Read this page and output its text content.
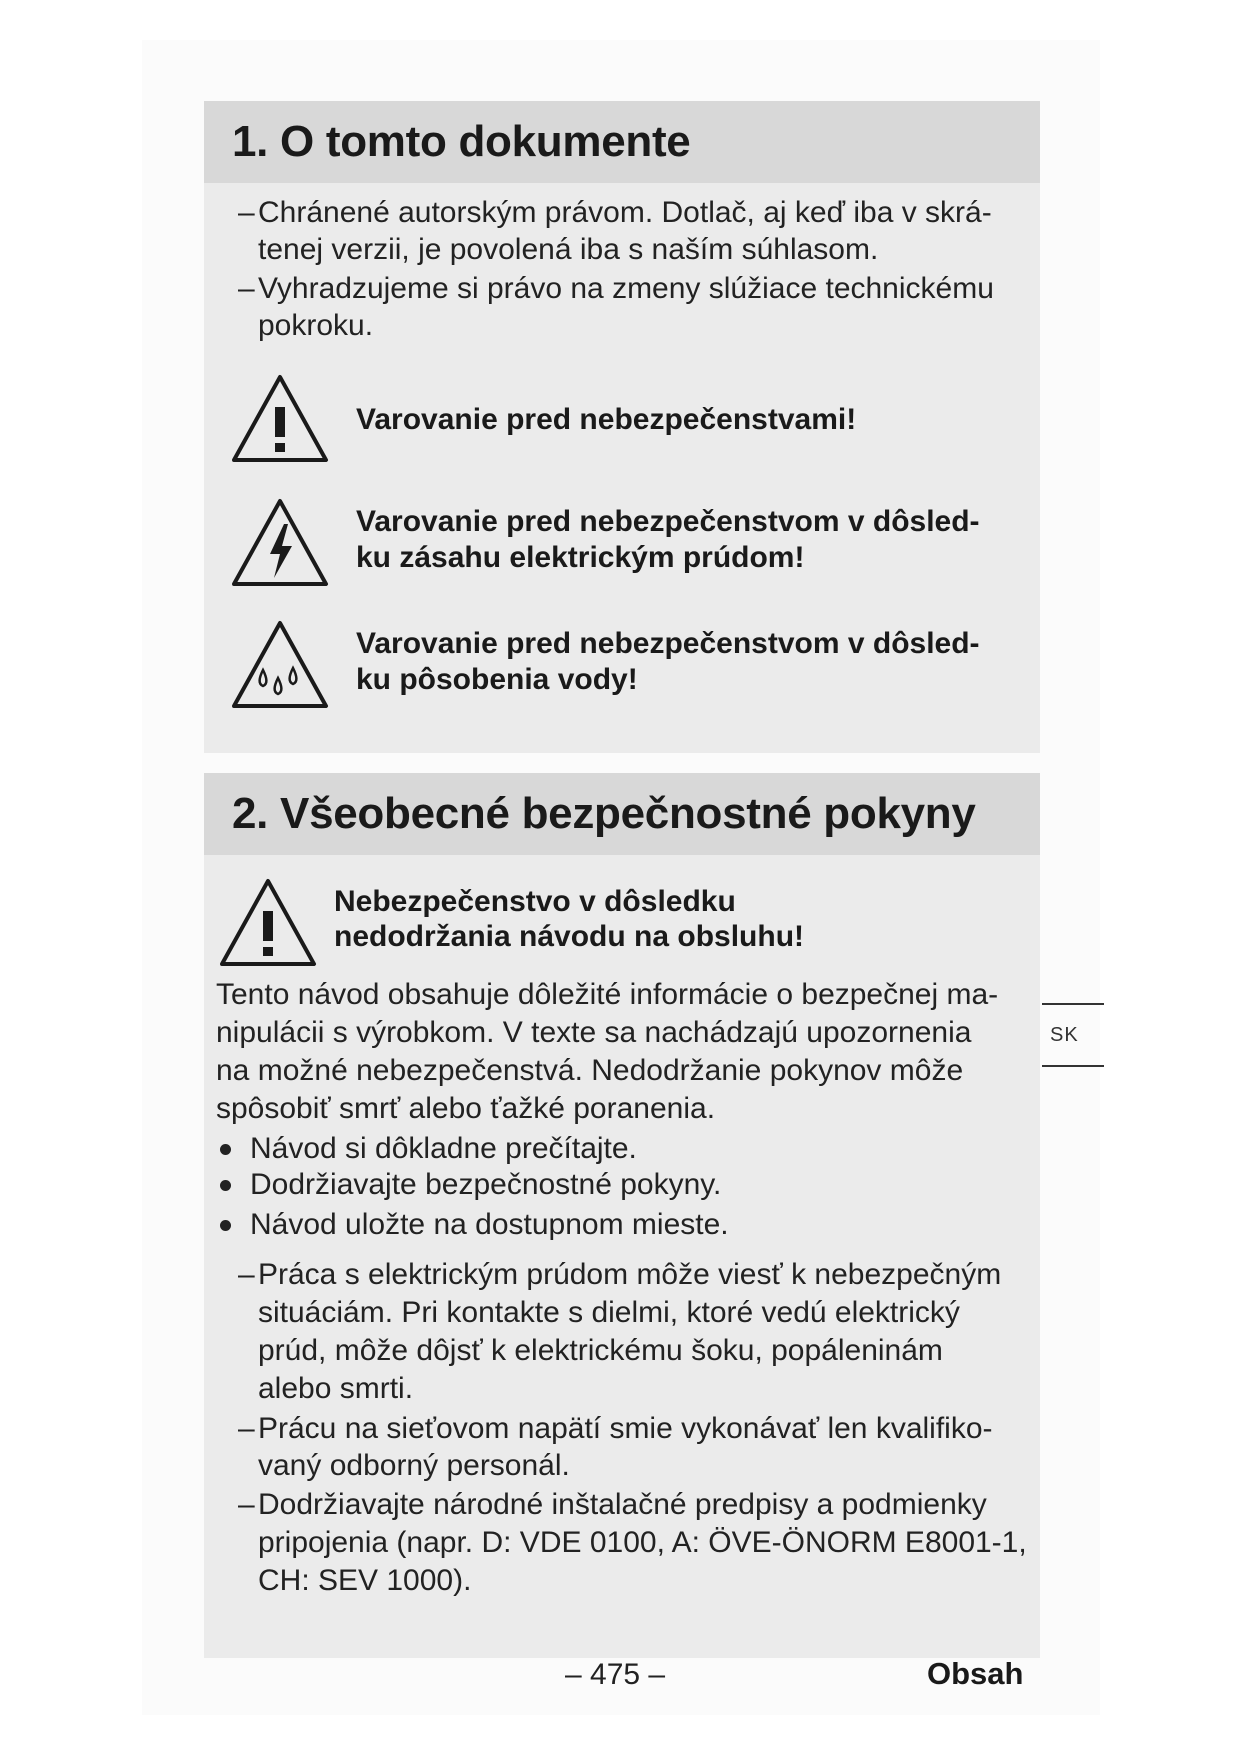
1. O tomto dokumente
– Chránené autorským právom. Dotlač, aj keď iba v skrá-
tenej verzii, je povolená iba s naším súhlasom.
– Vyhradzujeme si právo na zmeny slúžiace technickému
pokroku.
Varovanie pred nebezpečenstvami!
Varovanie pred nebezpečenstvom v dôsled-
ku zásahu elektrickým prúdom!
Varovanie pred nebezpečenstvom v dôsled-
ku pôsobenia vody!
2. Všeobecné bezpečnostné pokyny
Nebezpečenstvo v dôsledku
nedodržania návodu na obsluhu!
Tento návod obsahuje dôležité informácie o bezpečnej ma-
nipulácii s výrobkom. V texte sa nachádzajú upozornenia
na možné nebezpečenstvá. Nedodržanie pokynov môže
spôsobiť smrť alebo ťažké poranenia.
Návod si dôkladne prečítajte.
Dodržiavajte bezpečnostné pokyny.
Návod uložte na dostupnom mieste.
– Práca s elektrickým prúdom môže viesť k nebezpečným
situáciám. Pri kontakte s dielmi, ktoré vedú elektrický
prúd, môže dôjsť k elektrickému šoku, popáleninám
alebo smrti.
– Prácu na sieťovom napätí smie vykonávať len kvalifiko-
vaný odborný personál.
– Dodržiavajte národné inštalačné predpisy a podmienky
pripojenia (napr. D: VDE 0100, A: ÖVE-ÖNORM E8001-1,
CH: SEV 1000).
SK
– 475 –	Obsah
